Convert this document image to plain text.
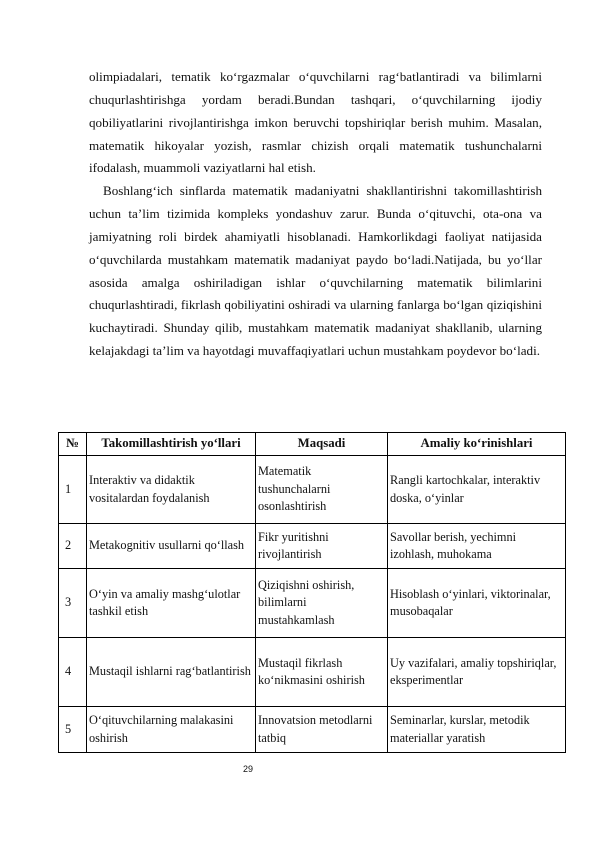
olimpiadalari, tematik ko‘rgazmalar o‘quvchilarni rag‘batlantiradi va bilimlarni chuqurlashtirishga yordam beradi.Bundan tashqari, o‘quvchilarning ijodiy qobiliyatlarini rivojlantirishga imkon beruvchi topshiriqlar berish muhim. Masalan, matematik hikoyalar yozish, rasmlar chizish orqali matematik tushunchalarni ifodalash, muammoli vaziyatlarni hal etish.

Boshlang‘ich sinflarda matematik madaniyatni shakllantirishni takomillashtirish uchun ta’lim tizimida kompleks yondashuv zarur. Bunda o‘qituvchi, ota-ona va jamiyatning roli birdek ahamiyatli hisoblanadi. Hamkorlikdagi faoliyat natijasida o‘quvchilarda mustahkam matematik madaniyat paydo bo‘ladi.Natijada, bu yo‘llar asosida amalga oshiriladigan ishlar o‘quvchilarning matematik bilimlarini chuqurlashtiradi, fikrlash qobiliyatini oshiradi va ularning fanlarga bo‘lgan qiziqishini kuchaytiradi. Shunday qilib, mustahkam matematik madaniyat shakllanib, ularning kelajakdagi ta’lim va hayotdagi muvaffaqiyatlari uchun mustahkam poydevor bo‘ladi.

№	Takomillashtirish yo‘llari	Maqsadi	Amaliy ko‘rinishlari
1	Interaktiv va didaktik vositalardan foydalanish	Matematik tushunchalarni osonlashtirish	Rangli kartochkalar, interaktiv doska, o‘yinlar
2	Metakognitiv usullarni qo‘llash	Fikr yuritishni rivojlantirish	Savollar berish, yechimni izohlash, muhokama
3	O‘yin va amaliy mashg‘ulotlar tashkil etish	Qiziqishni oshirish, bilimlarni mustahkamlash	Hisoblash o‘yinlari, viktorinalar, musobaqalar
4	Mustaqil ishlarni rag‘batlantirish	Mustaqil fikrlash ko‘nikmasini oshirish	Uy vazifalari, amaliy topshiriqlar, eksperimentlar
5	O‘qituvchilarning malakasini oshirish	Innovatsion metodlarni tatbiq	Seminarlar, kurslar, metodik materiallar yaratish
29
